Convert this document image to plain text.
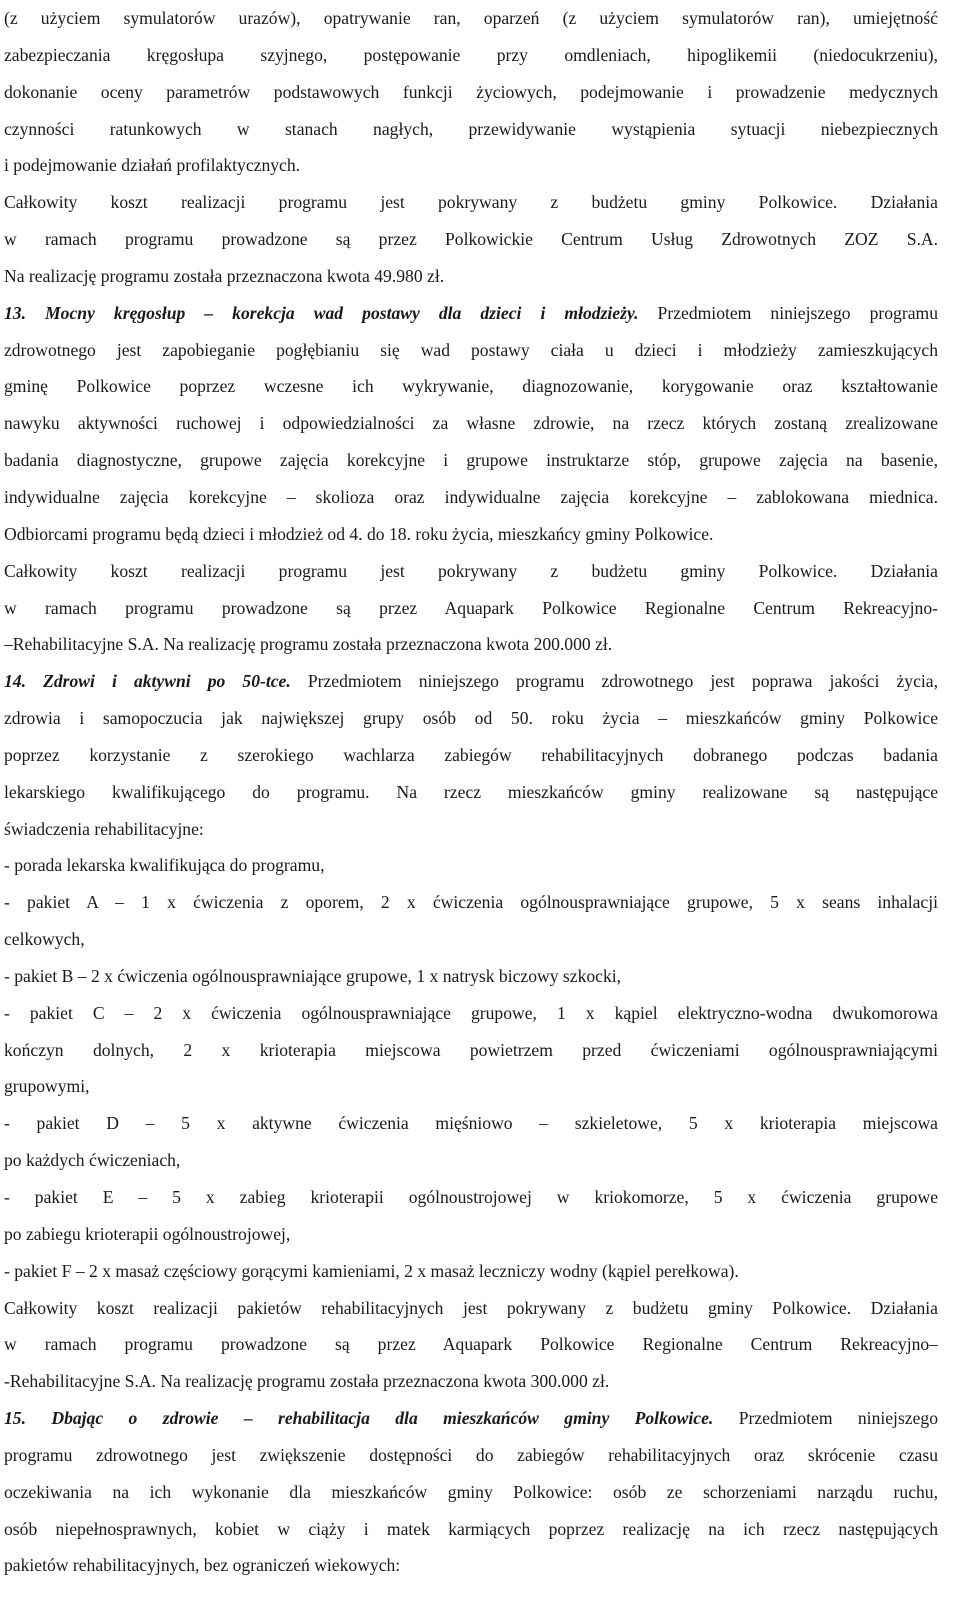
(z użyciem symulatorów urazów), opatrywanie ran, oparzeń (z użyciem symulatorów ran), umiejętność
zabezpieczania kręgosłupa szyjnego, postępowanie przy omdleniach, hipoglikemii (niedocukrzeniu),
dokonanie oceny parametrów podstawowych funkcji życiowych, podejmowanie i prowadzenie medycznych
czynności ratunkowych w stanach nagłych, przewidywanie wystąpienia sytuacji niebezpiecznych
i podejmowanie działań profilaktycznych.
Całkowity koszt realizacji programu jest pokrywany z budżetu gminy Polkowice. Działania
w ramach programu prowadzone są przez Polkowickie Centrum Usług Zdrowotnych ZOZ S.A.
Na realizację programu została przeznaczona kwota 49.980 zł.
13. Mocny kręgosłup – korekcja wad postawy dla dzieci i młodzieży. Przedmiotem niniejszego programu
zdrowotnego jest zapobieganie pogłębianiu się wad postawy ciała u dzieci i młodzieży zamieszkujących
gminę Polkowice poprzez wczesne ich wykrywanie, diagnozowanie, korygowanie oraz kształtowanie
nawyku aktywności ruchowej i odpowiedzialności za własne zdrowie, na rzecz których zostaną zrealizowane
badania diagnostyczne, grupowe zajęcia korekcyjne i grupowe instruktarze stóp, grupowe zajęcia na basenie,
indywidualne zajęcia korekcyjne – skolioza oraz indywidualne zajęcia korekcyjne – zablokowana miednica.
Odbiorcami programu będą dzieci i młodzież od 4. do 18. roku życia, mieszkańcy gminy Polkowice.
Całkowity koszt realizacji programu jest pokrywany z budżetu gminy Polkowice. Działania
w ramach programu prowadzone są przez Aquapark Polkowice Regionalne Centrum Rekreacyjno-
–Rehabilitacyjne S.A. Na realizację programu została przeznaczona kwota 200.000 zł.
14. Zdrowi i aktywni po 50-tce. Przedmiotem niniejszego programu zdrowotnego jest poprawa jakości życia,
zdrowia i samopoczucia jak największej grupy osób od 50. roku życia – mieszkańców gminy Polkowice
poprzez korzystanie z szerokiego wachlarza zabiegów rehabilitacyjnych dobranego podczas badania
lekarskiego kwalifikującego do programu. Na rzecz mieszkańców gminy realizowane są następujące
świadczenia rehabilitacyjne:
- porada lekarska kwalifikująca do programu,
- pakiet A – 1 x ćwiczenia z oporem, 2 x ćwiczenia ogólnousprawniające grupowe, 5 x seans inhalacji
celkowych,
- pakiet B – 2 x ćwiczenia ogólnousprawniające grupowe, 1 x natrysk biczowy szkocki,
- pakiet C – 2 x ćwiczenia ogólnousprawniające grupowe, 1 x kąpiel elektryczno-wodna dwukomorowa
kończyn dolnych, 2 x krioterapia miejscowa powietrzem przed ćwiczeniami ogólnousprawniającymi
grupowymi,
- pakiet D – 5 x aktywne ćwiczenia mięśniowo – szkieletowe, 5 x krioterapia miejscowa
po każdych ćwiczeniach,
- pakiet E – 5 x zabieg krioterapii ogólnoustrojowej w kriokomorze, 5 x ćwiczenia grupowe
po zabiegu krioterapii ogólnoustrojowej,
- pakiet F – 2 x masaż częściowy gorącymi kamieniami, 2 x masaż leczniczy wodny (kąpiel perełkowa).
Całkowity koszt realizacji pakietów rehabilitacyjnych jest pokrywany z budżetu gminy Polkowice. Działania
w ramach programu prowadzone są przez Aquapark Polkowice Regionalne Centrum Rekreacyjno–
-Rehabilitacyjne S.A. Na realizację programu została przeznaczona kwota 300.000 zł.
15. Dbając o zdrowie – rehabilitacja dla mieszkańców gminy Polkowice. Przedmiotem niniejszego
programu zdrowotnego jest zwiększenie dostępności do zabiegów rehabilitacyjnych oraz skrócenie czasu
oczekiwania na ich wykonanie dla mieszkańców gminy Polkowice: osób ze schorzeniami narządu ruchu,
osób niepełnosprawnych, kobiet w ciąży i matek karmiących poprzez realizację na ich rzecz następujących
pakietów rehabilitacyjnych, bez ograniczeń wiekowych:
